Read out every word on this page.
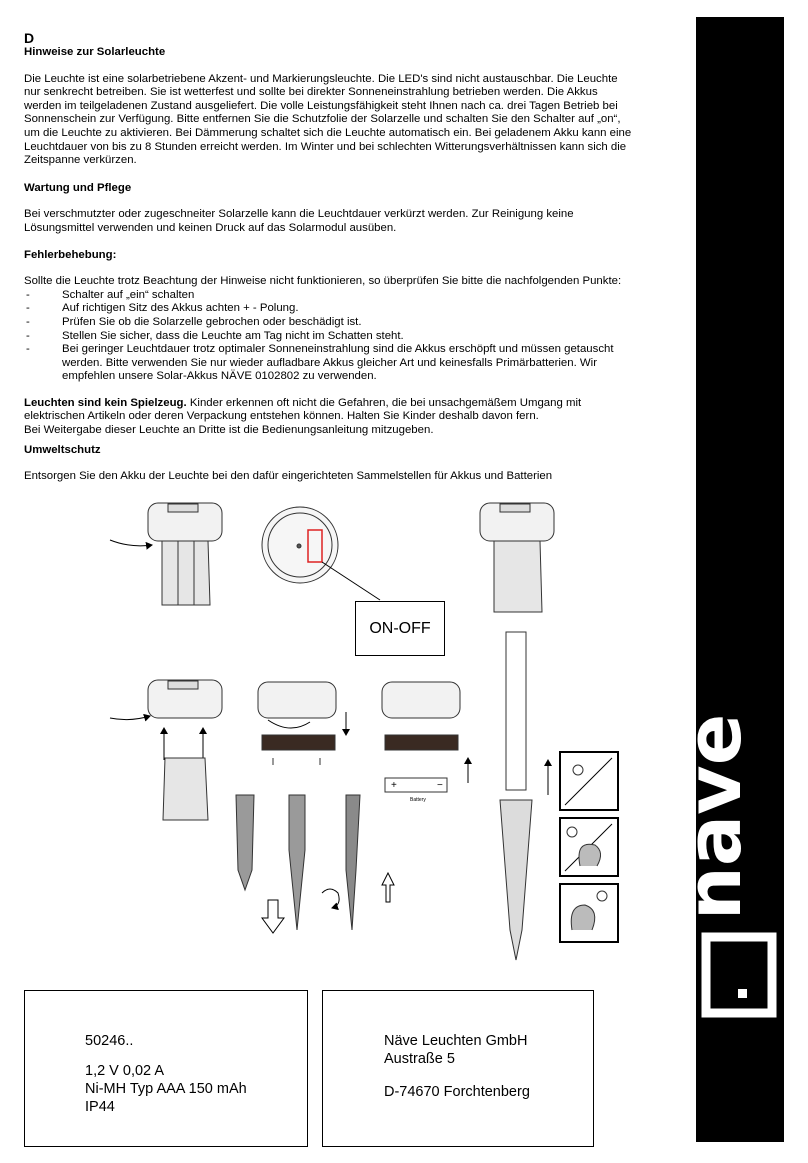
D
Hinweise zur Solarleuchte

Die Leuchte ist eine solarbetriebene Akzent- und Markierungsleuchte. Die LED's sind nicht austauschbar. Die Leuchte nur senkrecht betreiben. Sie ist wetterfest und sollte bei direkter Sonneneinstrahlung betrieben werden. Die Akkus werden im teilgeladenen Zustand ausgeliefert. Die volle Leistungsfähigkeit steht Ihnen nach ca. drei Tagen Betrieb bei Sonnenschein zur Verfügung. Bitte entfernen Sie die Schutzfolie der Solarzelle und schalten Sie den Schalter auf „on“, um die Leuchte zu aktivieren. Bei Dämmerung schaltet sich die Leuchte automatisch ein. Bei geladenem Akku kann eine Leuchtdauer von bis zu 8 Stunden erreicht werden. Im Winter und bei schlechten Witterungsverhältnissen kann sich die Zeitspanne verkürzen.

Wartung und Pflege

Bei verschmutzter oder zugeschneiter Solarzelle kann die Leuchtdauer verkürzt werden. Zur Reinigung keine Lösungsmittel verwenden und keinen Druck auf das Solarmodul ausüben.

Fehlerbehebung:

Sollte die Leuchte trotz Beachtung der Hinweise nicht funktionieren, so überprüfen Sie bitte die nachfolgenden Punkte:

- Schalter auf „ein“ schalten
- Auf richtigen Sitz des Akkus achten + - Polung.
- Prüfen Sie ob die Solarzelle gebrochen oder beschädigt ist.
- Stellen Sie sicher, dass die Leuchte am Tag nicht im Schatten steht.
- Bei geringer Leuchtdauer trotz optimaler Sonneneinstrahlung sind die Akkus erschöpft und müssen getauscht werden. Bitte verwenden Sie nur wieder aufladbare Akkus gleicher Art und keinesfalls Primärbatterien. Wir empfehlen unsere Solar-Akkus NÄVE 0102802 zu verwenden.

Leuchten sind kein Spielzeug. Kinder erkennen oft nicht die Gefahren, die bei unsachgemäßem Umgang mit elektrischen Artikeln oder deren Verpackung entstehen können. Halten Sie Kinder deshalb davon fern.

Bei Weitergabe dieser Leuchte an Dritte ist die Bedienungsanleitung mitzugeben.

Umweltschutz

Entsorgen Sie den Akku der Leuchte bei den dafür eingerichteten Sammelstellen für Akkus und Batterien

+	−
Battery
ON-OFF
50246..
1,2 V 0,02 A
Ni-MH Typ AAA 150 mAh
IP44
Näve Leuchten GmbH
Austraße 5
D-74670 Forchtenberg
näve
